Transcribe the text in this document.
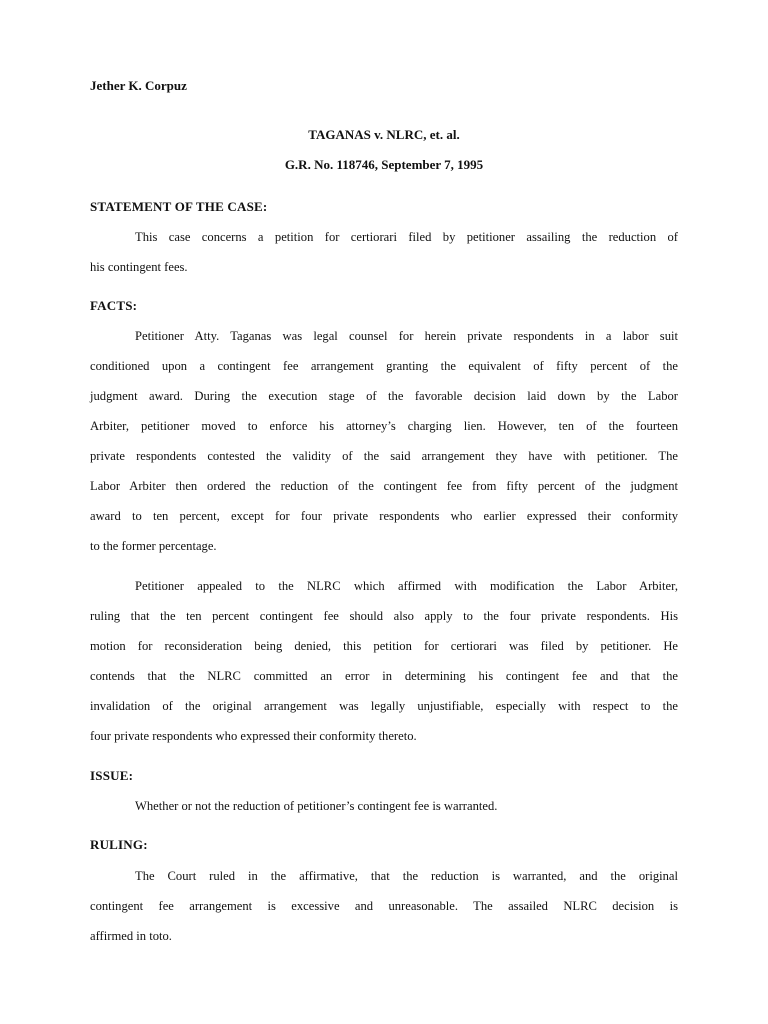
Jether K. Corpuz
TAGANAS v. NLRC, et. al.
G.R. No. 118746, September 7, 1995
STATEMENT OF THE CASE:
This case concerns a petition for certiorari filed by petitioner assailing the reduction of
his contingent fees.
FACTS:
Petitioner Atty. Taganas was legal counsel for herein private respondents in a labor suit
conditioned upon a contingent fee arrangement granting the equivalent of fifty percent of the
judgment award. During the execution stage of the favorable decision laid down by the Labor
Arbiter, petitioner moved to enforce his attorney’s charging lien. However, ten of the fourteen
private respondents contested the validity of the said arrangement they have with petitioner. The
Labor Arbiter then ordered the reduction of the contingent fee from fifty percent of the judgment
award to ten percent, except for four private respondents who earlier expressed their conformity
to the former percentage.
Petitioner appealed to the NLRC which affirmed with modification the Labor Arbiter,
ruling that the ten percent contingent fee should also apply to the four private respondents. His
motion for reconsideration being denied, this petition for certiorari was filed by petitioner. He
contends that the NLRC committed an error in determining his contingent fee and that the
invalidation of the original arrangement was legally unjustifiable, especially with respect to the
four private respondents who expressed their conformity thereto.
ISSUE:
Whether or not the reduction of petitioner’s contingent fee is warranted.
RULING:
The Court ruled in the affirmative, that the reduction is warranted, and the original
contingent fee arrangement is excessive and unreasonable. The assailed NLRC decision is
affirmed in toto.
